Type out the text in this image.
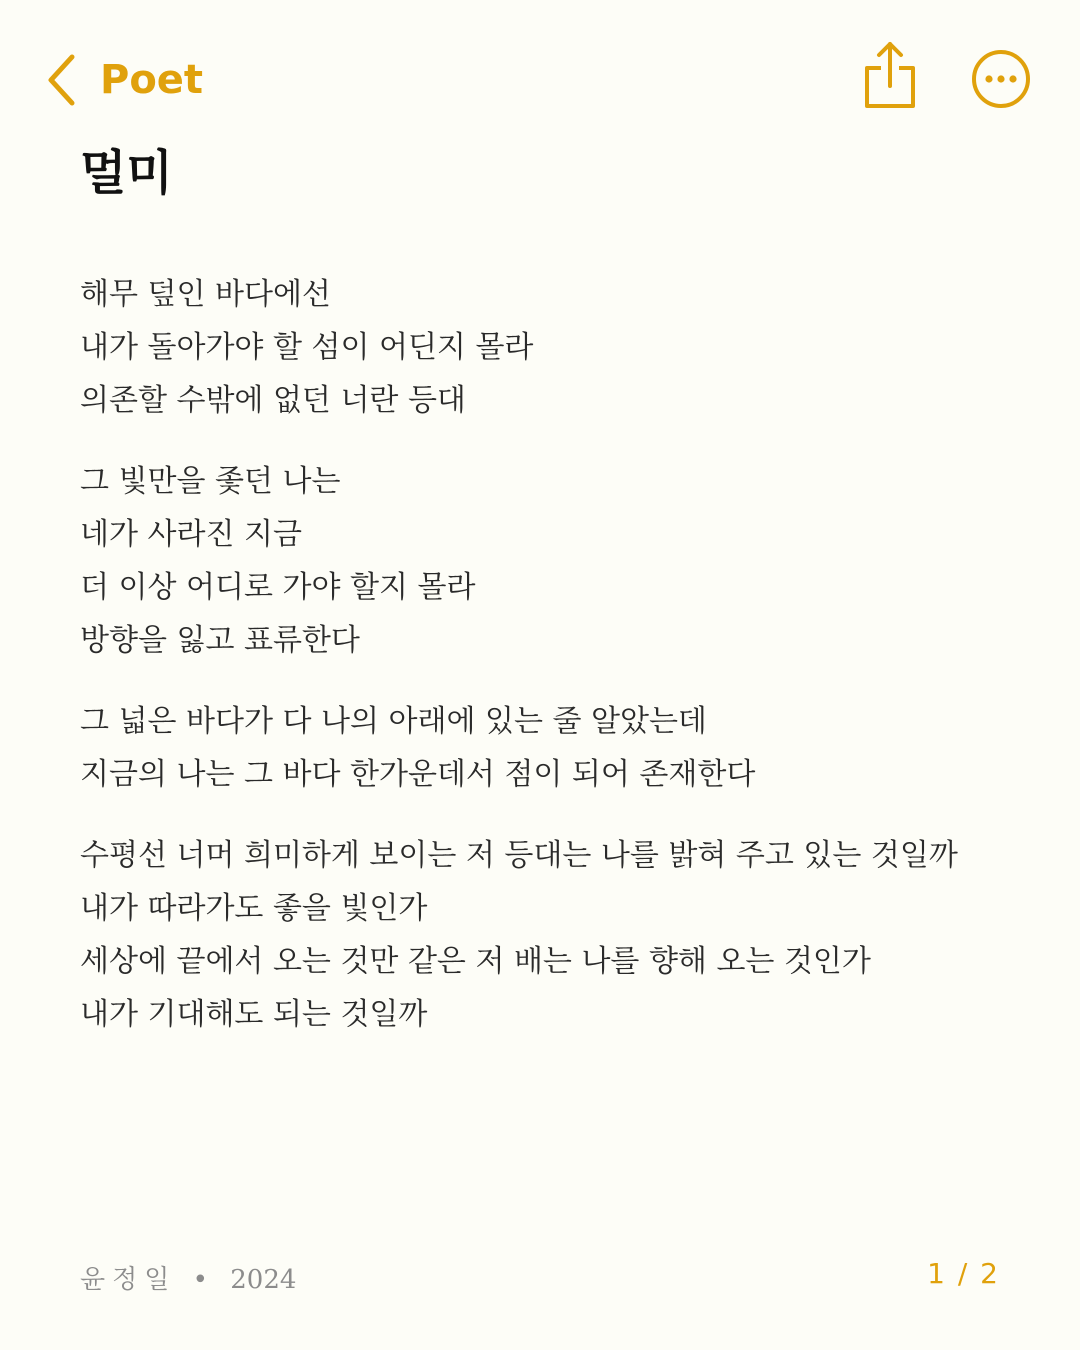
Poet
멀미
해무 덮인 바다에선
내가 돌아가야 할 섬이 어딘지 몰라
의존할 수밖에 없던 너란 등대
그 빛만을 좇던 나는
네가 사라진 지금
더 이상 어디로 가야 할지 몰라
방향을 잃고 표류한다
그 넓은 바다가 다 나의 아래에 있는 줄 알았는데
지금의 나는 그 바다 한가운데서 점이 되어 존재한다
수평선 너머 희미하게 보이는 저 등대는 나를 밝혀 주고 있는 것일까
내가 따라가도 좋을 빛인가
세상에 끝에서 오는 것만 같은 저 배는 나를 향해 오는 것인가
내가 기대해도 되는 것일까
윤정일 • 2024	1 / 2
